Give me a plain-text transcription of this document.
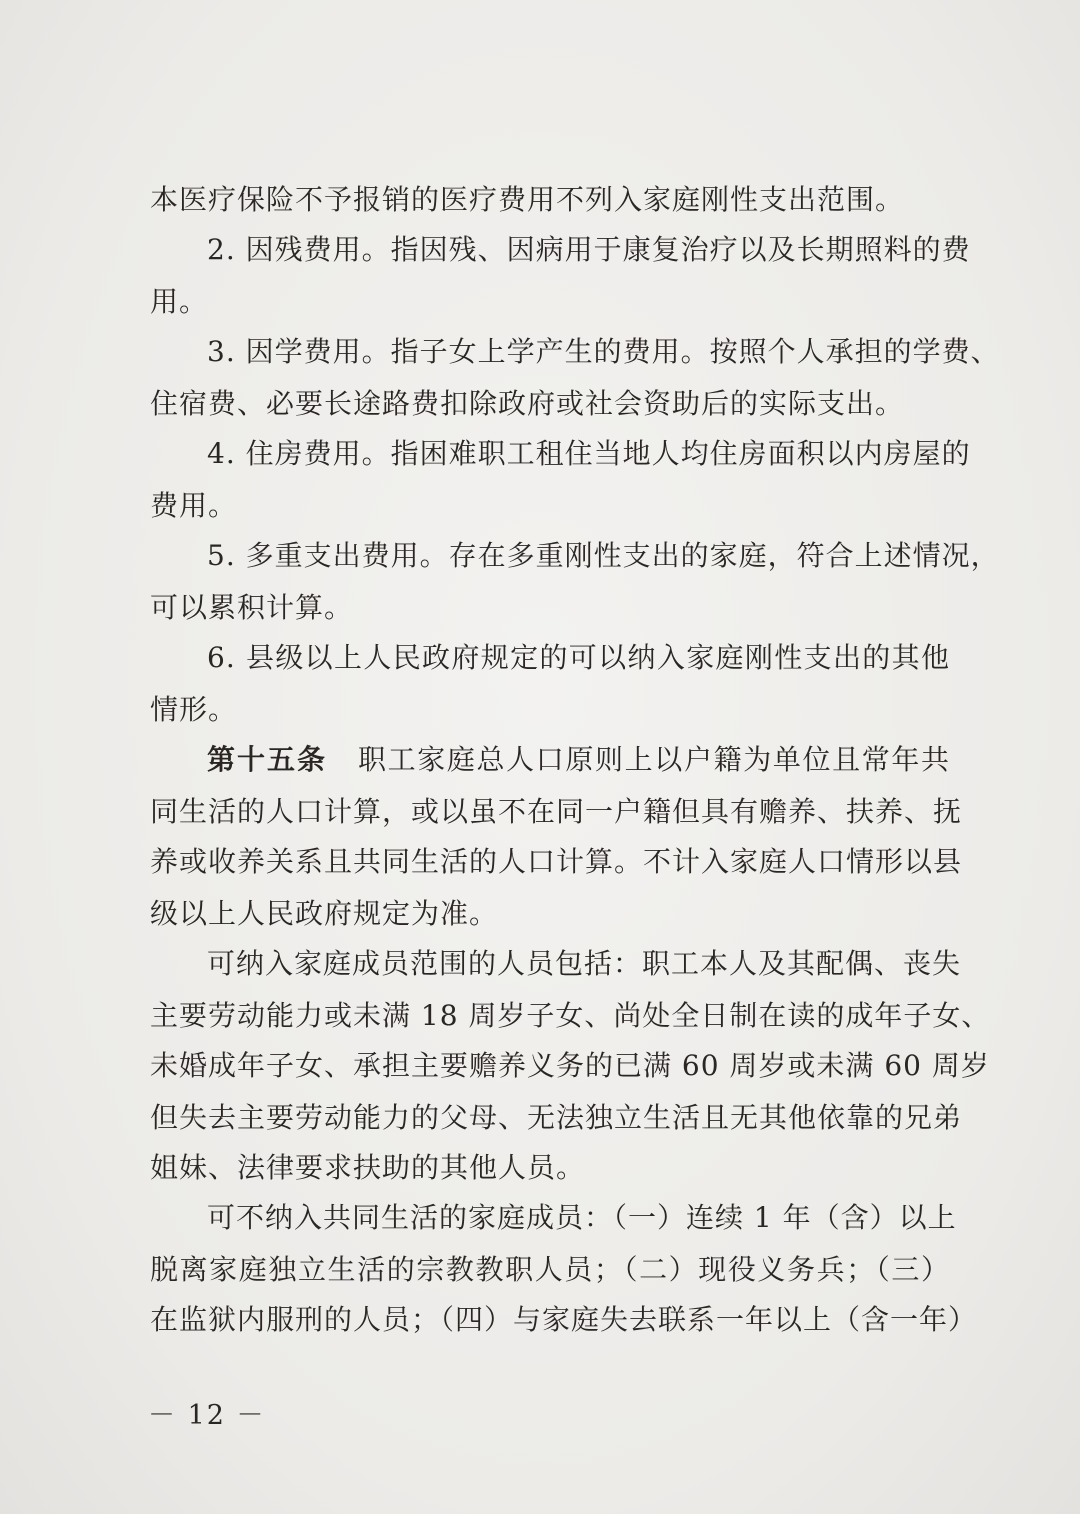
本医疗保险不予报销的医疗费用不列入家庭刚性支出范围。
2. 因残费用。指因残、因病用于康复治疗以及长期照料的费
用。
3. 因学费用。指子女上学产生的费用。按照个人承担的学费、
住宿费、必要长途路费扣除政府或社会资助后的实际支出。
4. 住房费用。指困难职工租住当地人均住房面积以内房屋的
费用。
5. 多重支出费用。存在多重刚性支出的家庭，符合上述情况，
可以累积计算。
6. 县级以上人民政府规定的可以纳入家庭刚性支出的其他
情形。
第十五条	职工家庭总人口原则上以户籍为单位且常年共
同生活的人口计算，或以虽不在同一户籍但具有赡养、扶养、抚
养或收养关系且共同生活的人口计算。不计入家庭人口情形以县
级以上人民政府规定为准。
可纳入家庭成员范围的人员包括：职工本人及其配偶、丧失
主要劳动能力或未满 18 周岁子女、尚处全日制在读的成年子女、
未婚成年子女、承担主要赡养义务的已满 60 周岁或未满 60 周岁
但失去主要劳动能力的父母、无法独立生活且无其他依靠的兄弟
姐妹、法律要求扶助的其他人员。
可不纳入共同生活的家庭成员：（一）连续 1 年（含）以上
脱离家庭独立生活的宗教教职人员；（二）现役义务兵；（三）
在监狱内服刑的人员；（四）与家庭失去联系一年以上（含一年）
－ 12 －
